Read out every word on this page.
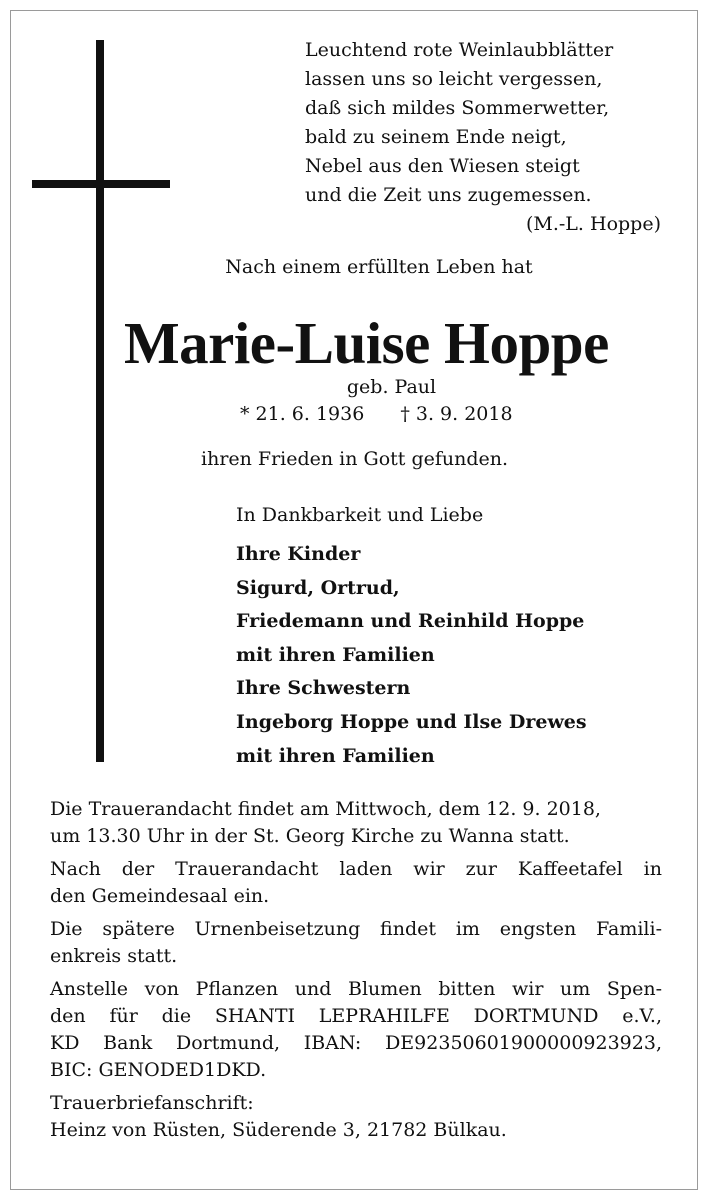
Leuchtend rote Weinlaubblätter
lassen uns so leicht vergessen,
daß sich mildes Sommerwetter,
bald zu seinem Ende neigt,
Nebel aus den Wiesen steigt
und die Zeit uns zugemessen.
(M.-L. Hoppe)
Nach einem erfüllten Leben hat
Marie-Luise Hoppe
geb. Paul
* 21. 6. 1936 † 3. 9. 2018
ihren Frieden in Gott gefunden.
In Dankbarkeit und Liebe
Ihre Kinder
Sigurd, Ortrud,
Friedemann und Reinhild Hoppe
mit ihren Familien
Ihre Schwestern
Ingeborg Hoppe und Ilse Drewes
mit ihren Familien
Die Trauerandacht findet am Mittwoch, dem 12. 9. 2018,
um 13.30 Uhr in der St. Georg Kirche zu Wanna statt.
Nach der Trauerandacht laden wir zur Kaffeetafel in
den Gemeindesaal ein.
Die spätere Urnenbeisetzung findet im engsten Famili-
enkreis statt.
Anstelle von Pflanzen und Blumen bitten wir um Spen-
den für die SHANTI LEPRAHILFE DORTMUND e.V.,
KD Bank Dortmund, IBAN: DE92350601900000923923,
BIC: GENODED1DKD.
Trauerbriefanschrift:
Heinz von Rüsten, Süderende 3, 21782 Bülkau.
